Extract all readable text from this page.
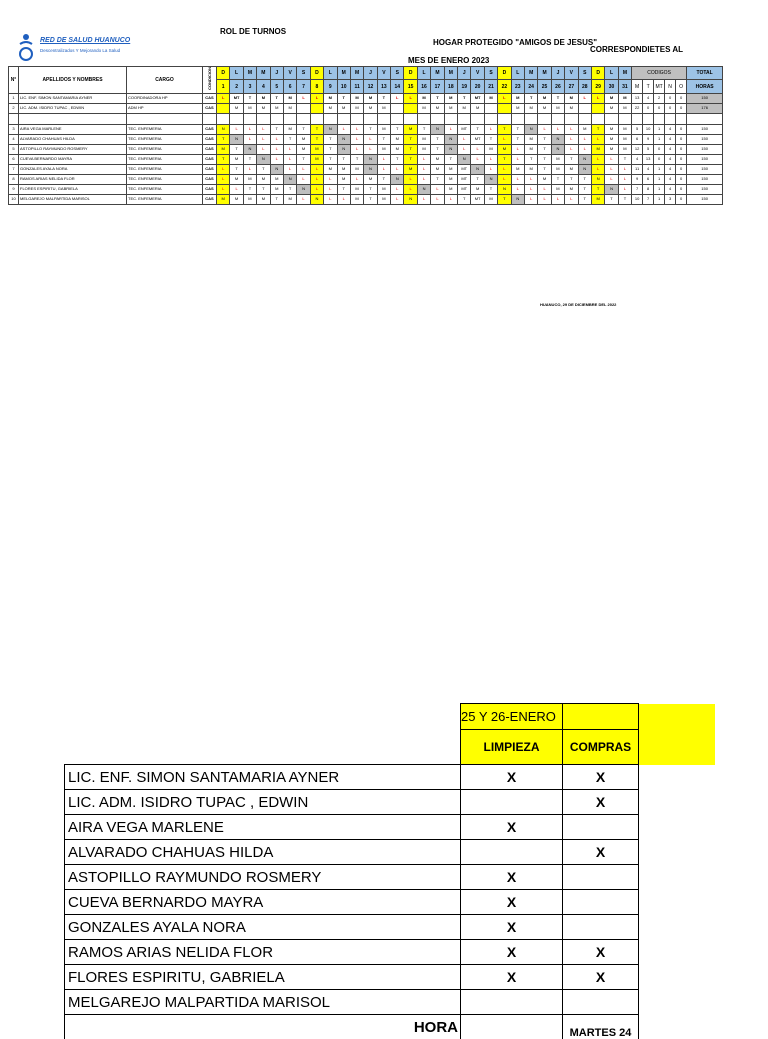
RED DE SALUD HUANUCO
Descentralizados Y Mejorando La Salud
ROL DE TURNOS
HOGAR PROTEGIDO "AMIGOS DE JESUS"
CORRESPONDIETES AL
MES DE ENERO 2023
N°	APELLIDOS Y NOMBRES	CARGO	CONDICION	D	L	M	M	J	V	S	D	L	M	M	J	V	S	D	L	M	M	J	V	S	D	L	M	M	J	V	S	D	L	M	CODIGOS					TOTAL
				1	2	3	4	5	6	7	8	9	10	11	12	13	14	15	16	17	18	19	20	21	22	23	24	25	26	27	28	29	30	31	M	T	MT	N	O	HORAS
1	LIC. ENF. SIMON SANTAMARIA AYNER	COORDINADORA HP	CAS	L	MT	T	M	T	M	L	L	M	T	M	M	T	L	L	M	T	M	T	MT	M	L	M	T	M	T	M	L	L	M	M	13	4	2	0	0	150
2	LIC. ADM. ISIDRO TUPAC , EDWIN	ADM HP	CAS		M	M	M	M	M			M	M	M	M	M			M	M	M	M	M			M	M	M	M	M			M	M	22	0	0	0	0	176

3	AIRA VEGA MARLENE	TEC. ENFEMERIA	CAS	N	L	L	L	T	M	T	T	N	L	L	T	M	T	M	T	N	L	MT	T	L	T	T	N	L	L	L	M	T	M	M	5	10	1	4	0	150
4	ALVARADO CHAHUAS HILDA	TEC. ENFEMERIA	CAS	T	N	L	L	L	T	M	T	T	N	L	L	T	M	T	M	T	N	L	MT	T	L	T	M	T	N	L	L	L	M	M	6	9	1	4	0	150
5	ASTOPILLO RAYMUNDO ROSMERY	TEC. ENFEMERIA	CAS	M	T	N	L	L	L	M	M	T	N	L	L	M	M	T	M	T	N	L	L	M	M	L	M	T	N	L	L	M	M	M	12	5	0	4	0	150
6	CUEVA BERNARDO MAYRA	TEC. ENFEMERIA	CAS	T	M	T	N	L	L	T	M	T	T	T	N	L	T	T	L	M	T	N	L	L	T	L	T	T	M	T	N	L	L	T	4	13	0	4	0	150
7	GONZALES AYALA NORA	TEC. ENFEMERIA	CAS	L	T	L	T	N	L	L	L	M	M	M	N	L	L	M	L	M	M	MT	N	L	L	M	M	T	M	M	N	L	L	L	11	4	1	4	0	150
8	RAMOS ARIAS NELIDA FLOR	TEC. ENFEMERIA	CAS	L	M	M	M	M	N	L	L	L	M	L	M	T	N	L	L	T	M	MT	T	N	L	L	L	M	T	T	T	N	L	L	9	6	1	4	0	150
9	FLORES ESPIRITU, GABRIELA	TEC. ENFEMERIA	CAS	L	L	T	T	M	T	N	L	L	T	M	T	M	L	L	N	L	M	MT	M	T	N	L	L	L	M	M	T	T	N	L	7	8	1	4	0	150
10	MELGAREJO MALPARTIDA MARISOL	TEC. ENFEMERIA	CAS	M	M	M	M	T	M	L	N	L	L	M	T	M	L	N	L	L	L	T	MT	M	T	N	L	L	L	L	T	M	T	T	10	7	1	3	0	150
HUANUCO, 29 DE DICIEMBRE DEL 2022
	25 Y 26-ENERO		
	LIMPIEZA	COMPRAS	
LIC. ENF. SIMON SANTAMARIA AYNER	X	X	
LIC. ADM. ISIDRO TUPAC , EDWIN		X	
AIRA VEGA MARLENE	X		
ALVARADO CHAHUAS HILDA		X	
ASTOPILLO RAYMUNDO ROSMERY	X		
CUEVA BERNARDO MAYRA	X		
GONZALES AYALA NORA	X		
RAMOS ARIAS NELIDA FLOR	X	X	
FLORES ESPIRITU, GABRIELA	X	X	
MELGAREJO MALPARTIDA MARISOL			
HORA		MARTES 24	
